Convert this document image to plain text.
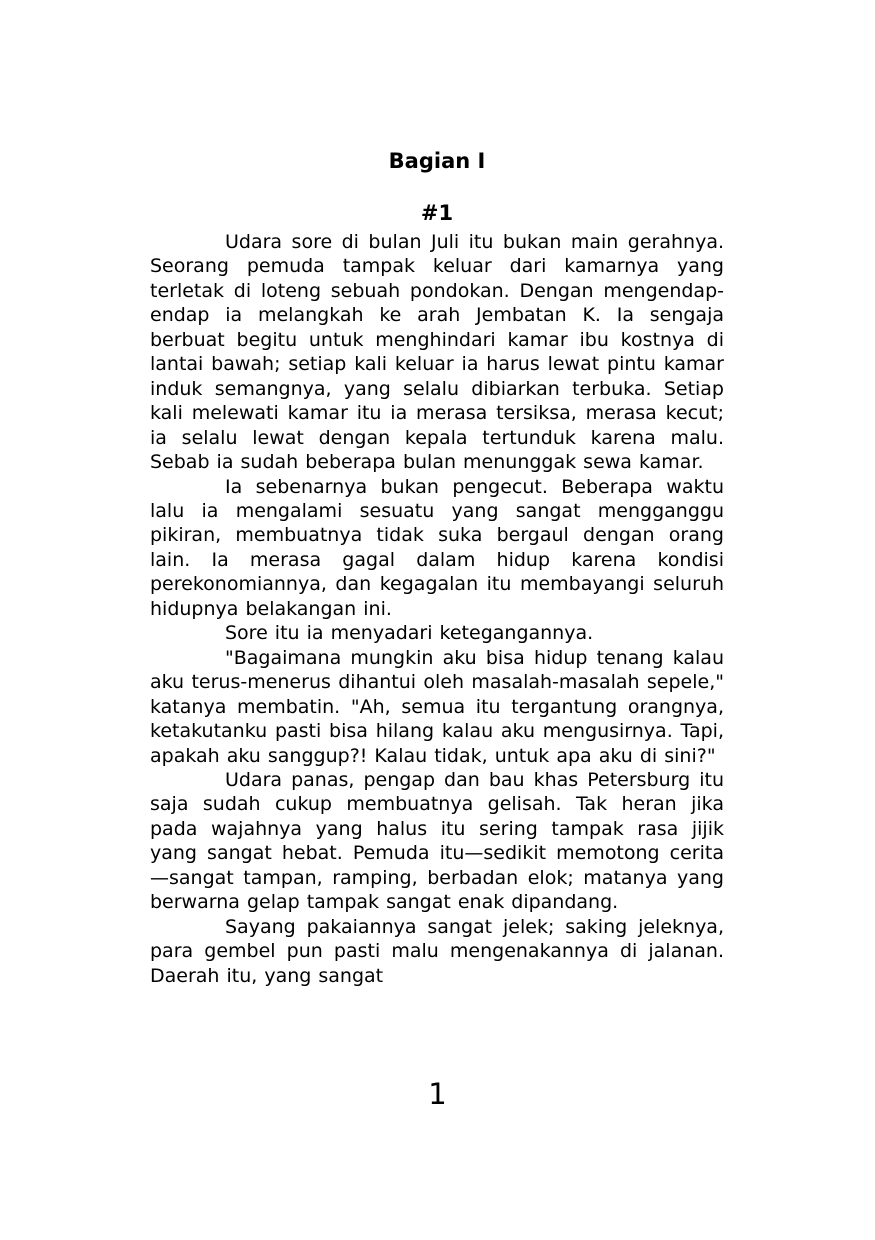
Bagian I
#1

Udara sore di bulan Juli itu bukan main gerahnya. Seorang pemuda tampak keluar dari kamarnya yang terletak di loteng sebuah pondokan. Dengan mengendap-endap ia melangkah ke arah Jembatan K. Ia sengaja berbuat begitu untuk menghindari kamar ibu kostnya di lantai bawah; setiap kali keluar ia harus lewat pintu kamar induk semangnya, yang selalu dibiarkan terbuka. Setiap kali melewati kamar itu ia merasa tersiksa, merasa kecut; ia selalu lewat dengan kepala tertunduk karena malu. Sebab ia sudah beberapa bulan menunggak sewa kamar.

Ia sebenarnya bukan pengecut. Beberapa waktu lalu ia mengalami sesuatu yang sangat mengganggu pikiran, membuatnya tidak suka bergaul dengan orang lain. Ia merasa gagal dalam hidup karena kondisi perekonomiannya, dan kegagalan itu membayangi seluruh hidupnya belakangan ini.

Sore itu ia menyadari ketegangannya.

"Bagaimana mungkin aku bisa hidup tenang kalau aku terus-menerus dihantui oleh masalah-masalah sepele," katanya membatin. "Ah, semua itu tergantung orangnya, ketakutanku pasti bisa hilang kalau aku mengusirnya. Tapi, apakah aku sanggup?! Kalau tidak, untuk apa aku di sini?"

Udara panas, pengap dan bau khas Petersburg itu saja sudah cukup membuatnya gelisah. Tak heran jika pada wajahnya yang halus itu sering tampak rasa jijik yang sangat hebat. Pemuda itu—sedikit memotong cerita—sangat tampan, ramping, berbadan elok; matanya yang berwarna gelap tampak sangat enak dipandang.

Sayang pakaiannya sangat jelek; saking jeleknya, para gembel pun pasti malu mengenakannya di jalanan. Daerah itu, yang sangat

1
